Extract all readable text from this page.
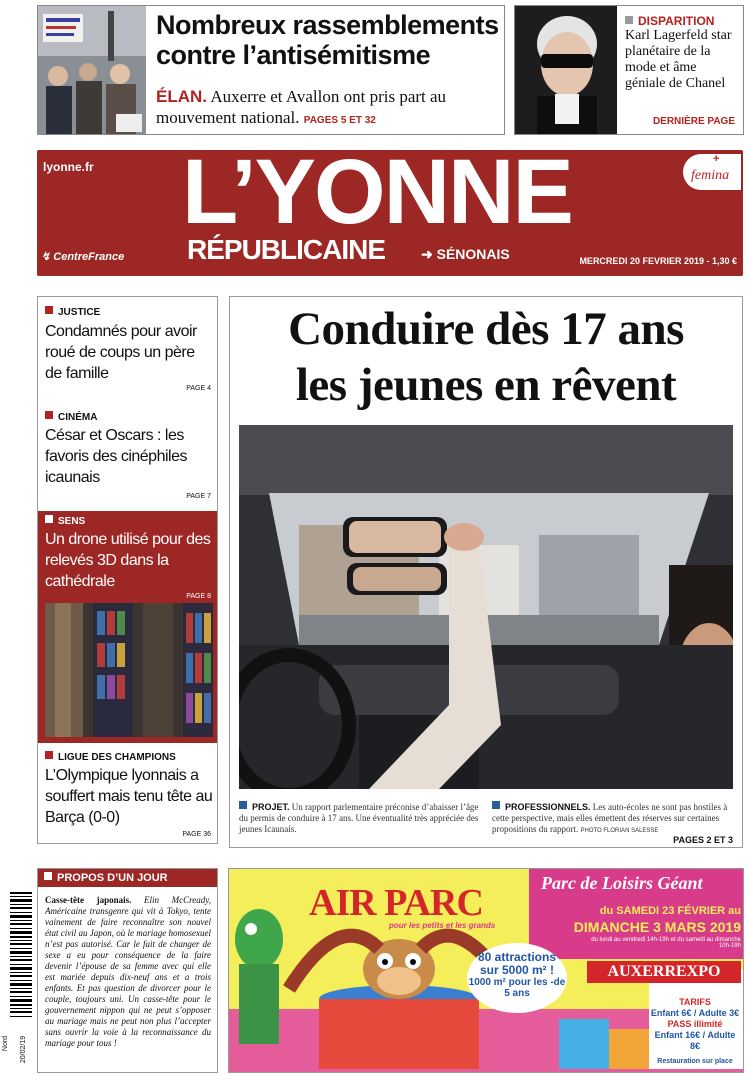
Nombreux rassemblements contre l’antisémitisme
ÉLAN. Auxerre et Avallon ont pris part au mouvement national. PAGES 5 ET 32
DISPARITION
Karl Lagerfeld star planétaire de la mode et âme géniale de Chanel
DERNIÈRE PAGE
lyonne.fr L’YONNE
RÉPUBLICAINE	➜ SÉNONAIS
↯ CentreFrance	MERCREDI 20 FEVRIER 2019 - 1,30 €
+
femina
JUSTICE
Condamnés pour avoir roué de coups un père de famille
PAGE 4
CINÉMA
César et Oscars : les favoris des cinéphiles icaunais
PAGE 7
SENS
Un drone utilisé pour des relevés 3D dans la cathédrale
PAGE 8
LIGUE DES CHAMPIONS
L’Olympique lyonnais a souffert mais tenu tête au Barça (0-0)
PAGE 36
Conduire dès 17 ans
les jeunes en rêvent
PROJET. Un rapport parlementaire préconise d’abaisser l’âge du permis de conduire à 17 ans. Une éventualité très appréciée des jeunes Icaunais.
PROFESSIONNELS. Les auto-écoles ne sont pas hostiles à cette perspective, mais elles émettent des réserves sur certaines propositions du rapport. PHOTO FLORIAN SALESSE
PAGES 2 ET 3
Nord 20/02/19
PROPOS D’UN JOUR
Casse-tête japonais. Elin McCready, Américaine transgenre qui vit à Tokyo, tente vainement de faire reconnaître son nouvel état civil au Japon, où le mariage homosexuel n’est pas autorisé. Car le fait de changer de sexe a eu pour conséquence de la faire devenir l’épouse de sa femme avec qui elle est mariée depuis dix-neuf ans et a trois enfants. Et pas question de divorcer pour le couple, toujours uni. Un casse-tête pour le gouvernement nippon qui ne peut s’opposer au mariage mais ne peut non plus l’accepter sans ouvrir la voie à la reconnaissance du mariage pour tous !
AIR PARC
pour les petits et les grands
Parc de Loisirs Géant
du SAMEDI 23 FÉVRIER au
DIMANCHE 3 MARS 2019
du lundi au vendredi 14h-19h et du samedi au dimanche 10h-19h
80 attractions sur 5000 m² !
1000 m² pour les -de 5 ans
AUXERREXPO
TARIFS
Enfant 6€ / Adulte 3€
PASS illimité
Enfant 16€ / Adulte 8€
Restauration sur place
